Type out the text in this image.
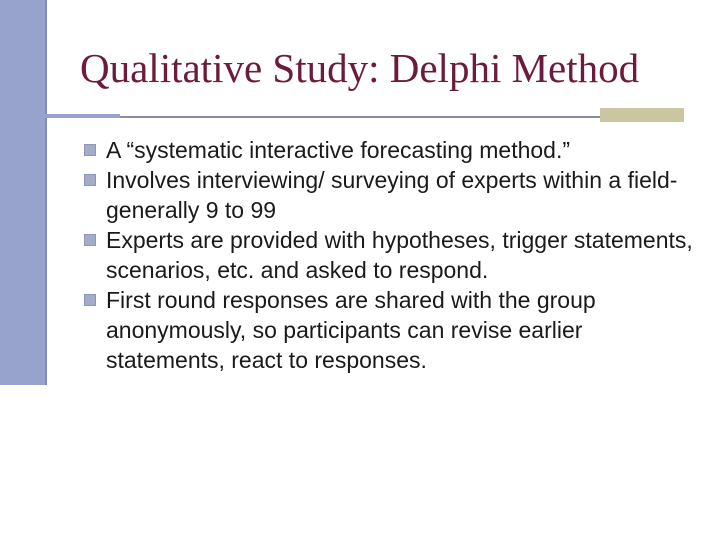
Qualitative Study: Delphi Method
A “systematic interactive forecasting method.”
Involves interviewing/ surveying of experts within a field- generally 9 to 99
Experts are provided with hypotheses, trigger statements, scenarios, etc. and asked to respond.
First round responses are shared with the group anonymously, so participants can revise earlier statements, react to responses.
